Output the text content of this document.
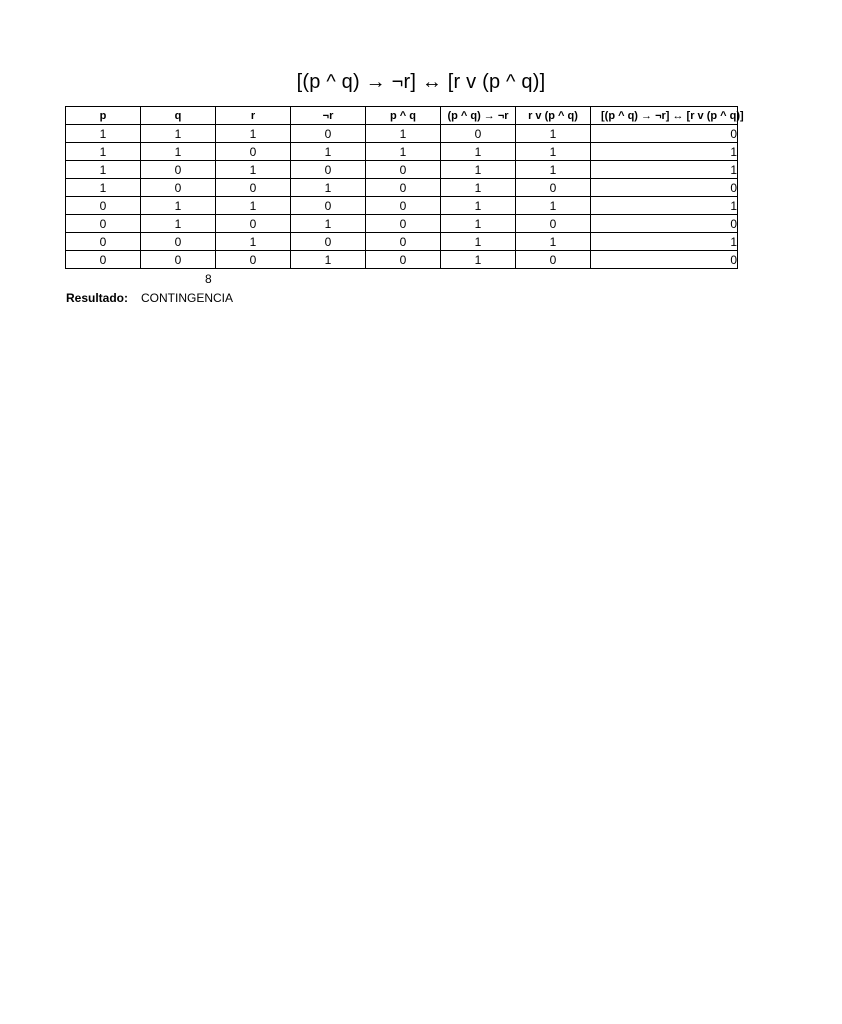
[(p ^ q) → ¬r] ↔ [r v (p ^ q)]
p	q	r	¬r	p ^ q	(p ^ q) → ¬r	r v (p ^ q)	[(p ^ q) → ¬r] ↔ [r v (p ^ q)]
1	1	1	0	1	0	1	0
1	1	0	1	1	1	1	1
1	0	1	0	0	1	1	1
1	0	0	1	0	1	0	0
0	1	1	0	0	1	1	1
0	1	0	1	0	1	0	0
0	0	1	0	0	1	1	1
0	0	0	1	0	1	0	0
8
Resultado: CONTINGENCIA
